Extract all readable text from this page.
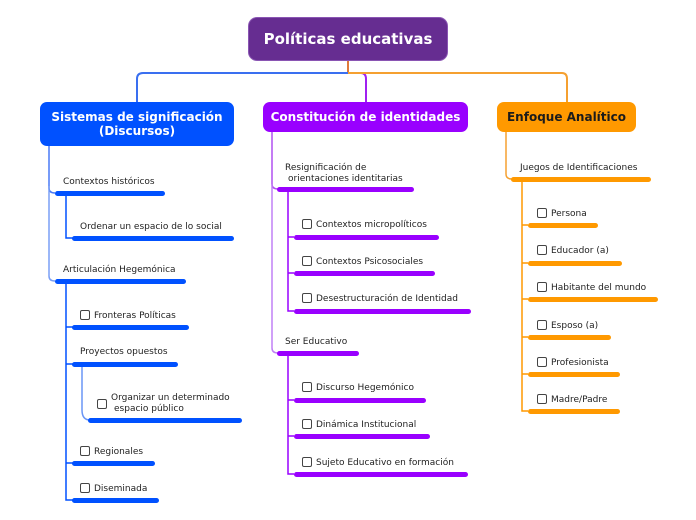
Políticas educativas
Sistemas de significación
(Discursos)
Constitución de identidades	Enfoque Analítico
Contextos históricos
Ordenar un espacio de lo social
Articulación Hegemónica
Fronteras Políticas
Proyectos opuestos
Organizar un determinado
espacio público
Regionales
Diseminada
Resignificación de
orientaciones identitarias
Contextos micropolíticos
Contextos Psicosociales
Desestructuración de Identidad
Ser Educativo
Discurso Hegemónico
Dinámica Institucional
Sujeto Educativo en formación
Juegos de Identificaciones
Persona
Educador (a)
Habitante del mundo
Esposo (a)
Profesionista
Madre/Padre
